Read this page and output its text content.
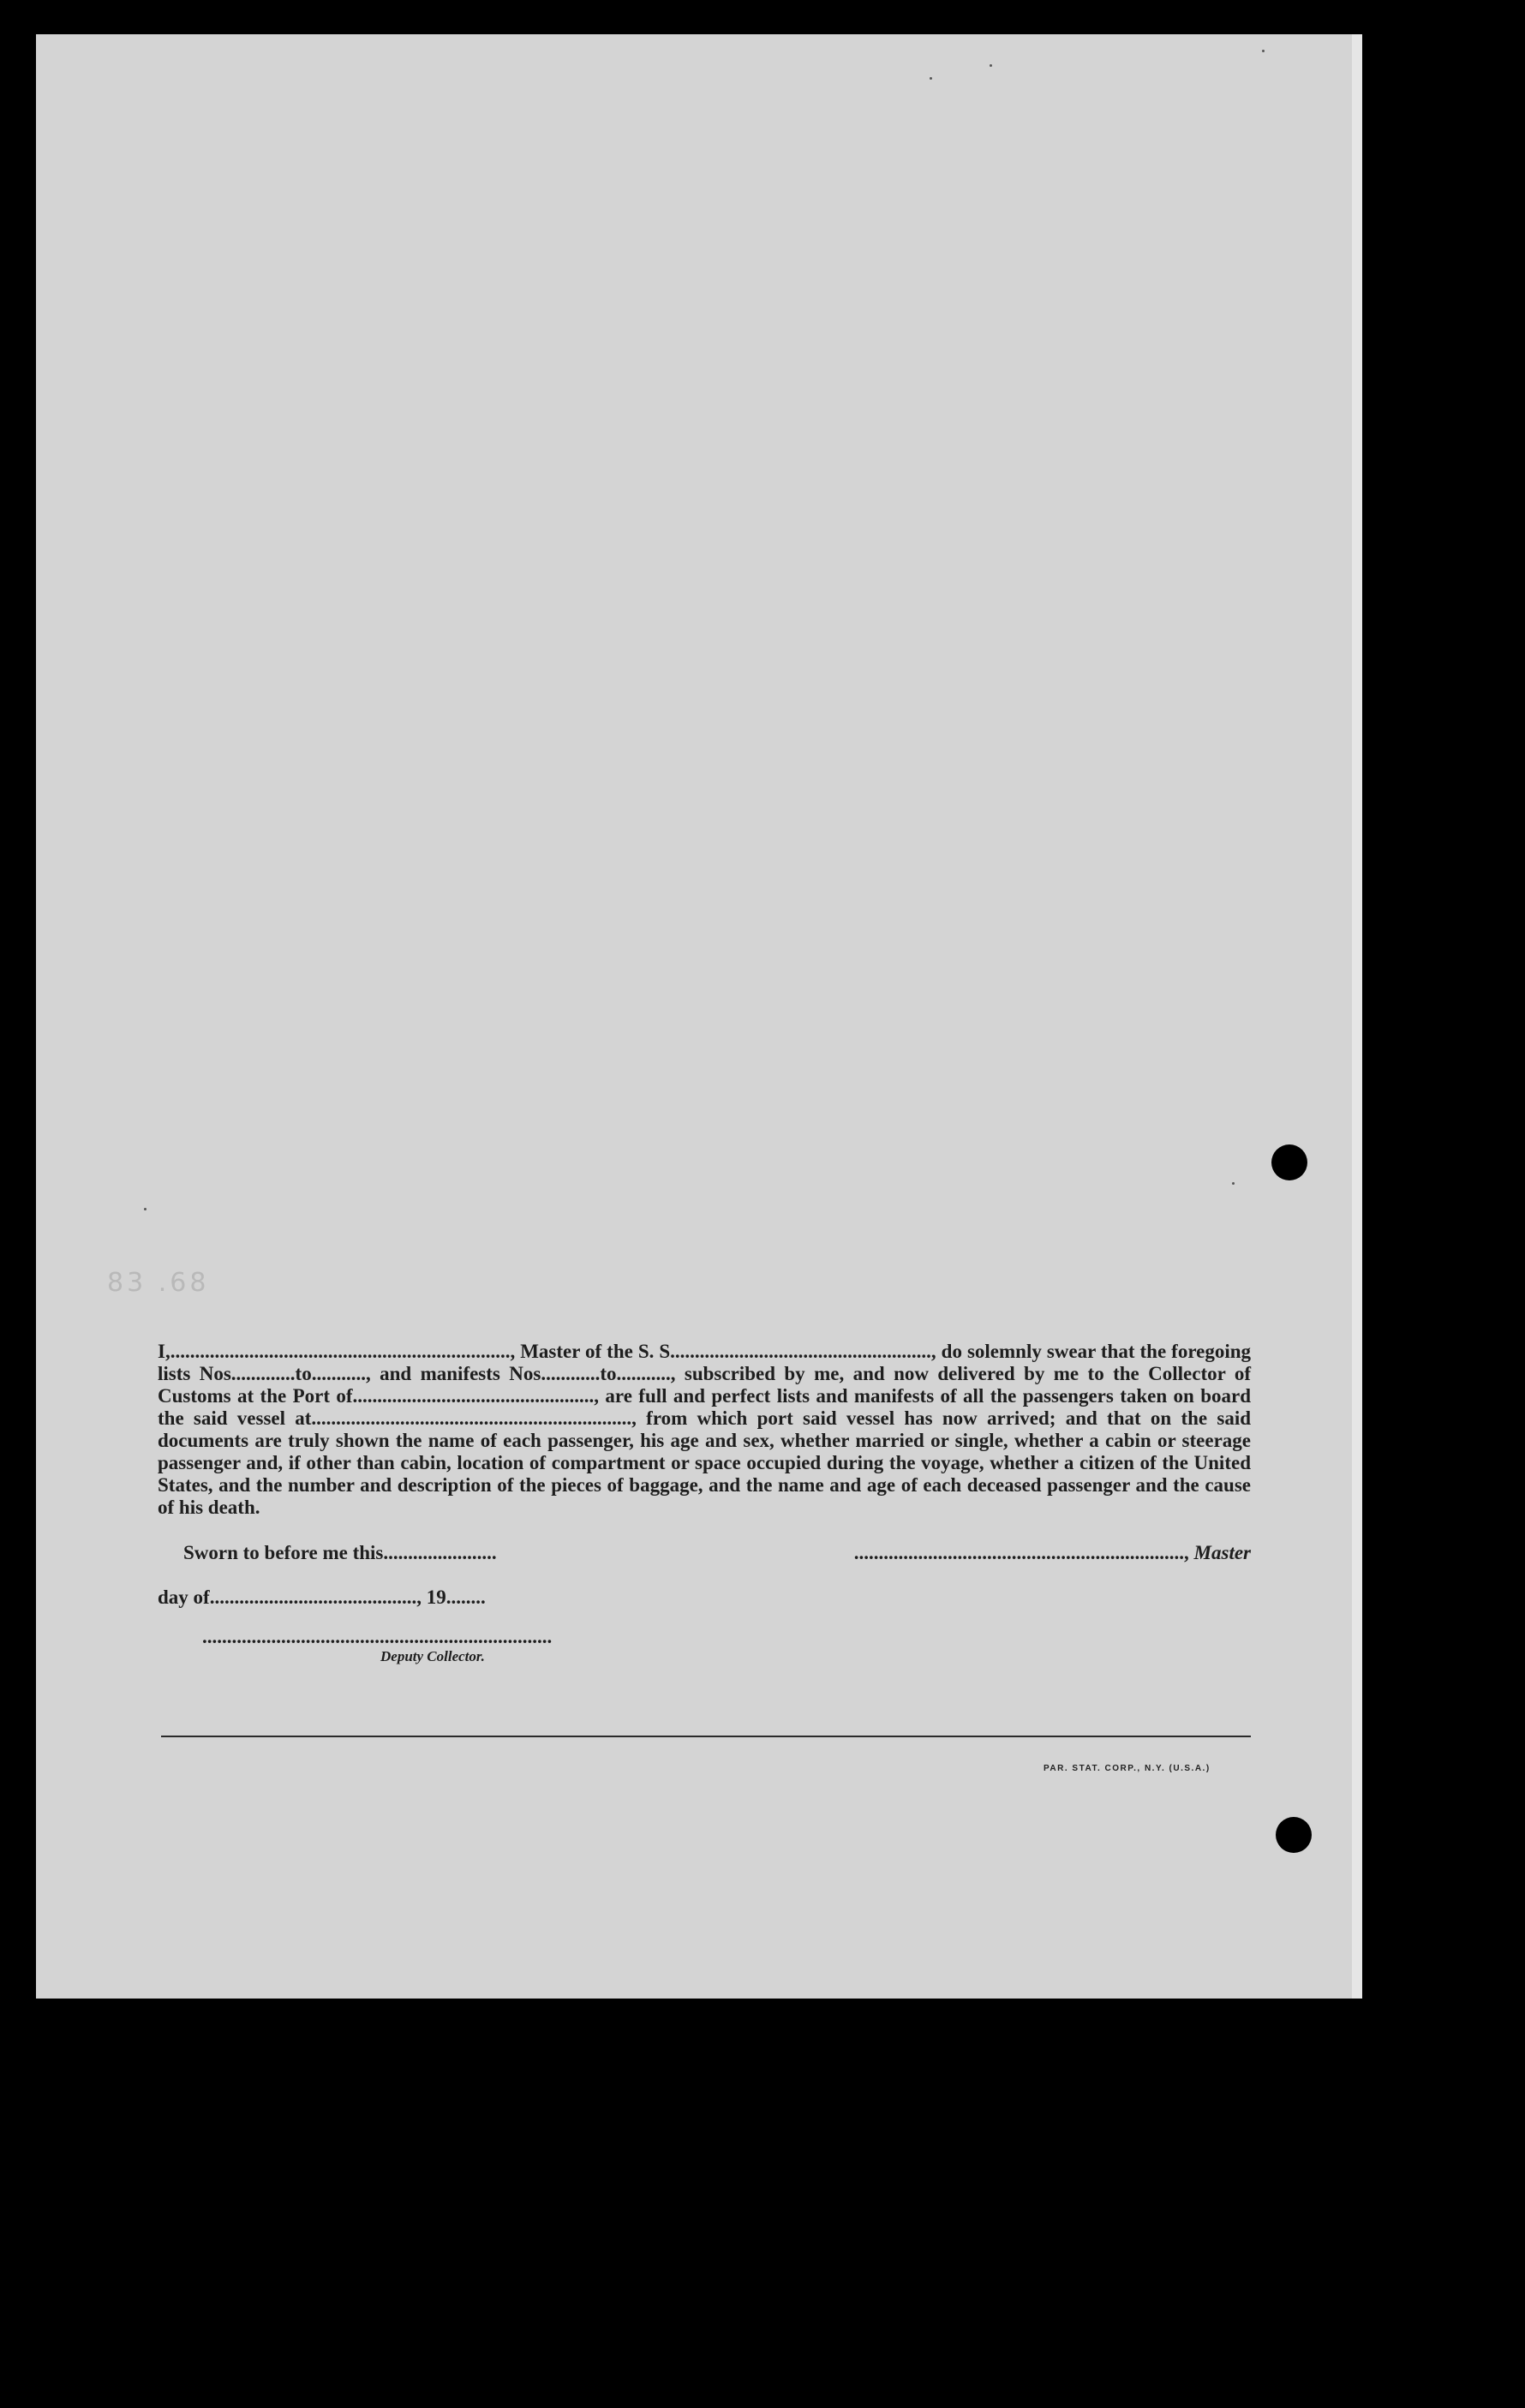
83 .68

I,....................................................................., Master of the S. S....................................................., do solemnly swear that the foregoing lists Nos.............to..........., and manifests Nos............to..........., subscribed by me, and now delivered by me to the Collector of Customs at the Port of................................................., are full and perfect lists and manifests of all the passengers taken on board the said vessel at................................................................., from which port said vessel has now arrived; and that on the said documents are truly shown the name of each passenger, his age and sex, whether married or single, whether a cabin or steerage passenger and, if other than cabin, location of compartment or space occupied during the voyage, whether a citizen of the United States, and the number and description of the pieces of baggage, and the name and age of each deceased passenger and the cause of his death.

Sworn to before me this.......................	..................................................................., Master
day of.........................................., 19........
.......................................................................
Deputy Collector.
PAR. STAT. CORP., N.Y. (U.S.A.)
